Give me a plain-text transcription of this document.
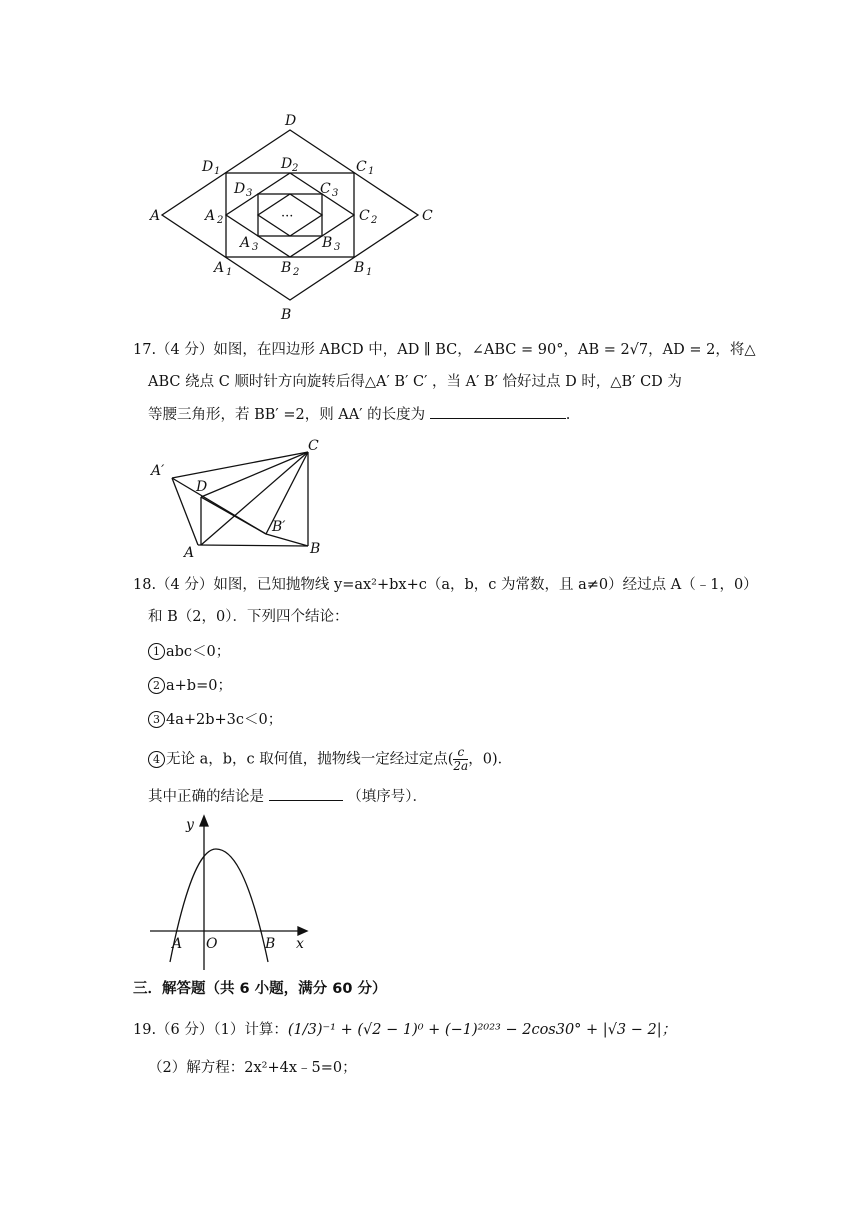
D
D 1	C 1
D 2
D 3	C 3
A	A 2	C 2	C
···
A 3	B 3
A 1	B 2	B 1
B
17.（4 分）如图，在四边形 ABCD 中，AD ∥ BC，∠ABC = 90°，AB = 2√7，AD = 2，将△
ABC 绕点 C 顺时针方向旋转后得△A′ B′ C′ ，当 A′ B′ 恰好过点 D 时，△B′ CD 为
等腰三角形，若 BB′ =2，则 AA′ 的长度为	.
A′
C
D
B′
A	B
18.（4 分）如图，已知抛物线 y=ax²+bx+c（a，b，c 为常数，且 a≠0）经过点 A（﹣1，0）
和 B（2，0）．下列四个结论：
1 abc＜0；
2 a+b=0；
3 4a+2b+3c＜0；
4 无论 a，b，c 取何值，抛物线一定经过定点( $\frac{c}{2a}$ ，0)．
其中正确的结论是	（填序号）．
y
x
A O	B
三．解答题（共 6 小题，满分 60 分）
19.（6 分）（1）计算：(1/3)⁻¹ + (√2 − 1)⁰ + (−1)²⁰²³ − 2cos30° + |√3 − 2|；
（2）解方程：2x²+4x﹣5=0；
